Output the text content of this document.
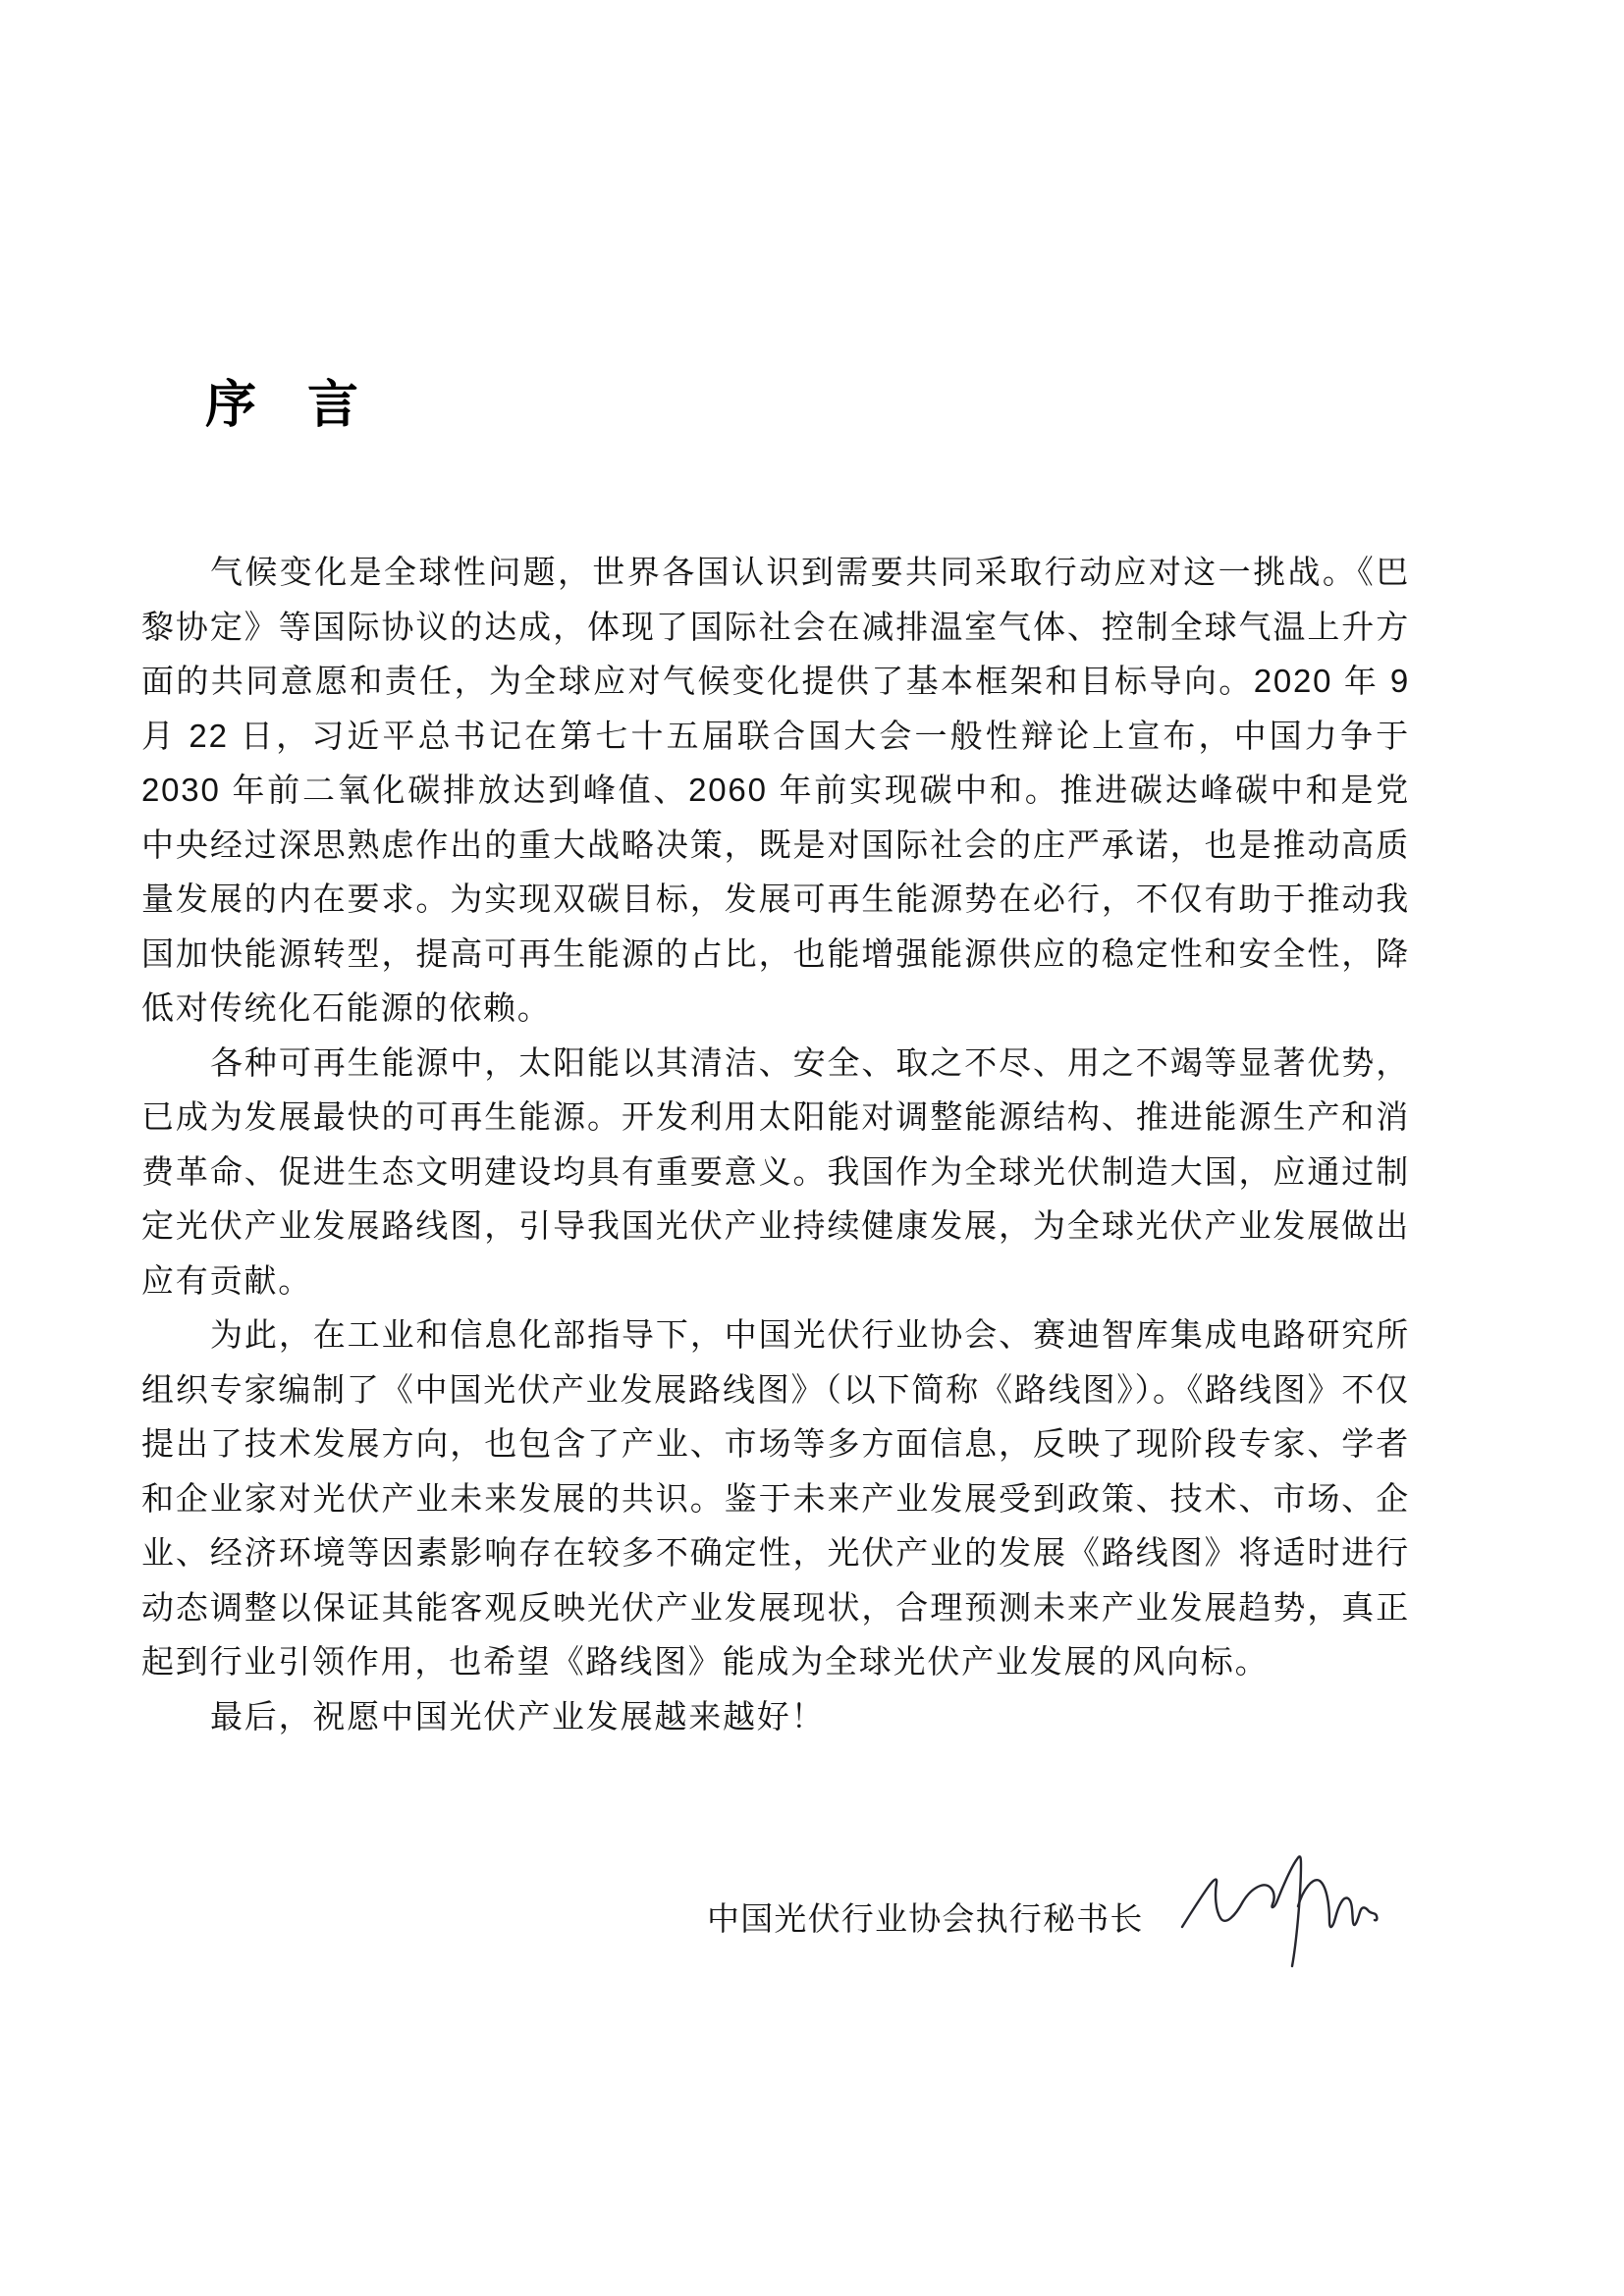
序　言

气候变化是全球性问题，世界各国认识到需要共同采取行动应对这一挑战。《巴黎协定》等国际协议的达成，体现了国际社会在减排温室气体、控制全球气温上升方面的共同意愿和责任，为全球应对气候变化提供了基本框架和目标导向。2020 年 9 月 22 日，习近平总书记在第七十五届联合国大会一般性辩论上宣布，中国力争于 2030 年前二氧化碳排放达到峰值、2060 年前实现碳中和。推进碳达峰碳中和是党中央经过深思熟虑作出的重大战略决策，既是对国际社会的庄严承诺，也是推动高质量发展的内在要求。为实现双碳目标，发展可再生能源势在必行，不仅有助于推动我国加快能源转型，提高可再生能源的占比，也能增强能源供应的稳定性和安全性，降低对传统化石能源的依赖。

各种可再生能源中，太阳能以其清洁、安全、取之不尽、用之不竭等显著优势，已成为发展最快的可再生能源。开发利用太阳能对调整能源结构、推进能源生产和消费革命、促进生态文明建设均具有重要意义。我国作为全球光伏制造大国，应通过制定光伏产业发展路线图，引导我国光伏产业持续健康发展，为全球光伏产业发展做出应有贡献。

为此，在工业和信息化部指导下，中国光伏行业协会、赛迪智库集成电路研究所组织专家编制了《中国光伏产业发展路线图》（以下简称《路线图》）。《路线图》不仅提出了技术发展方向，也包含了产业、市场等多方面信息，反映了现阶段专家、学者和企业家对光伏产业未来发展的共识。鉴于未来产业发展受到政策、技术、市场、企业、经济环境等因素影响存在较多不确定性，光伏产业的发展《路线图》将适时进行动态调整以保证其能客观反映光伏产业发展现状，合理预测未来产业发展趋势，真正起到行业引领作用，也希望《路线图》能成为全球光伏产业发展的风向标。

最后，祝愿中国光伏产业发展越来越好！

中国光伏行业协会执行秘书长
